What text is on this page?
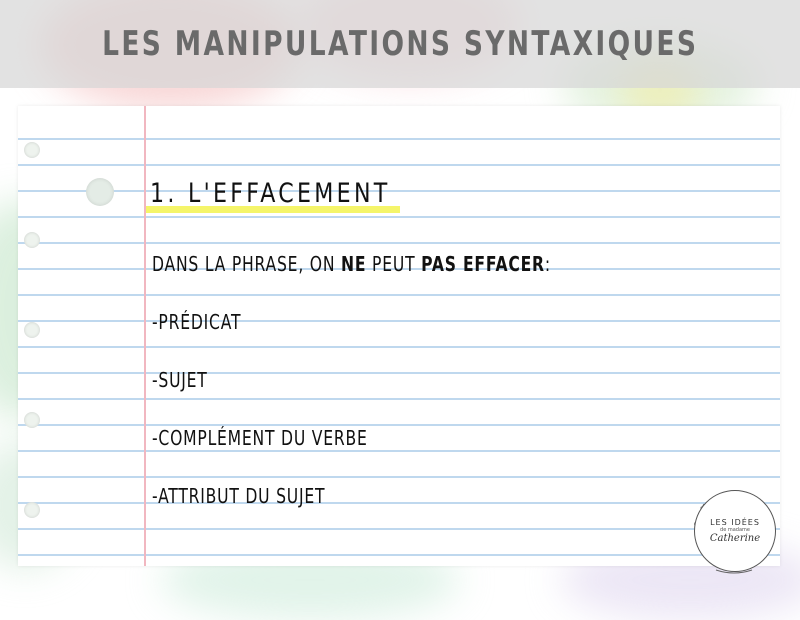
LES MANIPULATIONS SYNTAXIQUES
1. L'EFFACEMENT
DANS LA PHRASE, ON NE PEUT PAS EFFACER:
-PRÉDICAT
-SUJET
-COMPLÉMENT DU VERBE
-ATTRIBUT DU SUJET
LES IDÉES
de madame
Catherine
